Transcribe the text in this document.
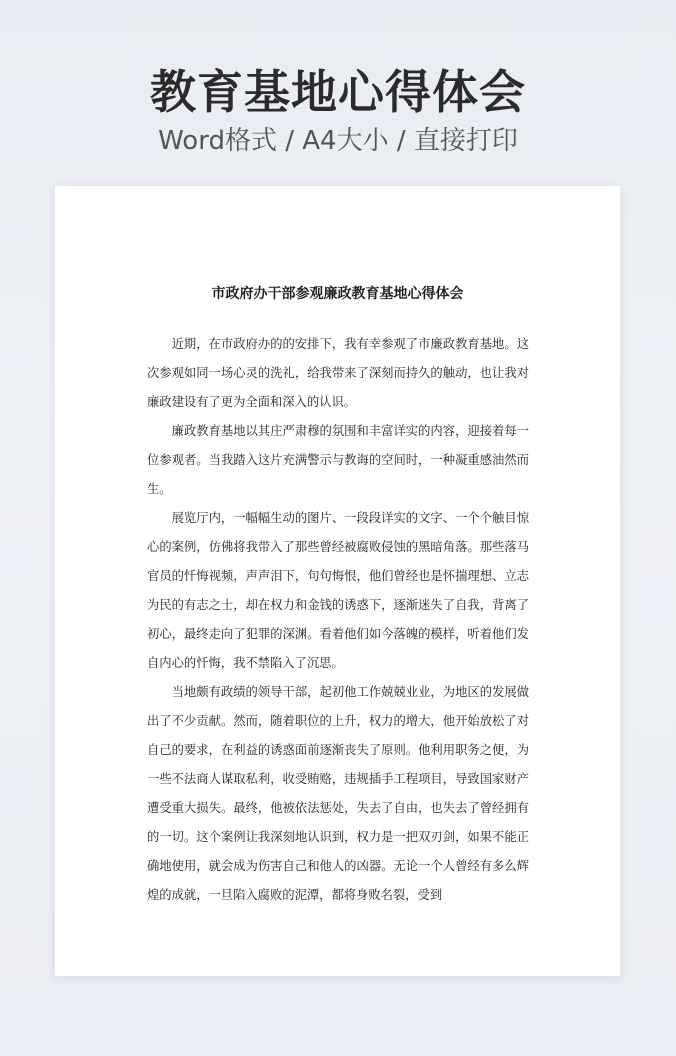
教育基地心得体会
Word格式 / A4大小 / 直接打印
市政府办干部参观廉政教育基地心得体会

近期，在市政府办的的安排下，我有幸参观了市廉政教育基地。这次参观如同一场心灵的洗礼，给我带来了深刻而持久的触动，也让我对廉政建设有了更为全面和深入的认识。

廉政教育基地以其庄严肃穆的氛围和丰富详实的内容，迎接着每一位参观者。当我踏入这片充满警示与教诲的空间时，一种凝重感油然而生。

展览厅内，一幅幅生动的图片、一段段详实的文字、一个个触目惊心的案例，仿佛将我带入了那些曾经被腐败侵蚀的黑暗角落。那些落马官员的忏悔视频，声声泪下，句句悔恨，他们曾经也是怀揣理想、立志为民的有志之士，却在权力和金钱的诱惑下，逐渐迷失了自我，背离了初心，最终走向了犯罪的深渊。看着他们如今落魄的模样，听着他们发自内心的忏悔，我不禁陷入了沉思。

当地颇有政绩的领导干部，起初他工作兢兢业业，为地区的发展做出了不少贡献。然而，随着职位的上升，权力的增大，他开始放松了对自己的要求，在利益的诱惑面前逐渐丧失了原则。他利用职务之便，为一些不法商人谋取私利，收受贿赂，违规插手工程项目，导致国家财产遭受重大损失。最终，他被依法惩处，失去了自由，也失去了曾经拥有的一切。这个案例让我深刻地认识到，权力是一把双刃剑，如果不能正确地使用，就会成为伤害自己和他人的凶器。无论一个人曾经有多么辉煌的成就，一旦陷入腐败的泥潭，都将身败名裂，受到
